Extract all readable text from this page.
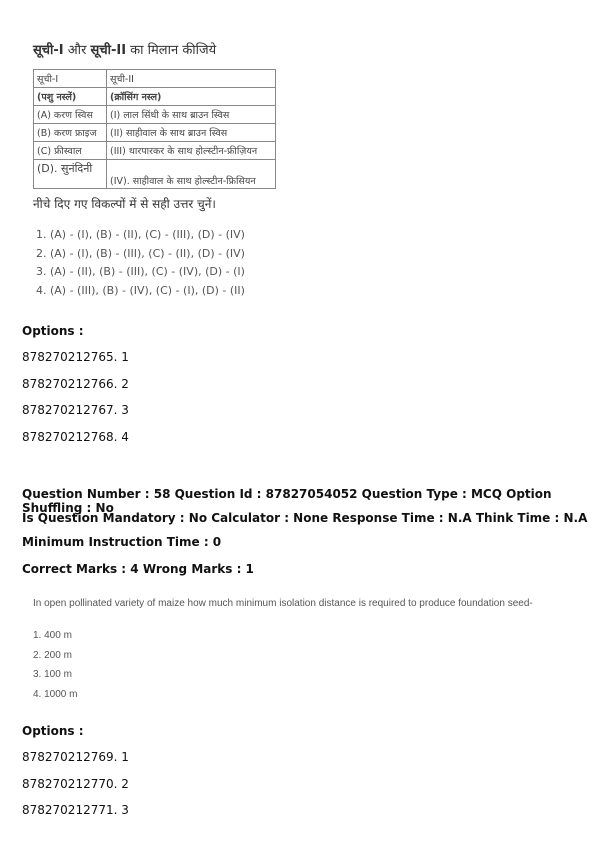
सूची-I और सूची-II का मिलान कीजिये
सूची-I	सूची-II
(पशु नस्लें)	(क्रॉसिंग नस्ल)
(A) करण स्विस	(I) लाल सिंधी के साथ ब्राउन स्विस
(B) करण फ्राइज	(II) साहीवाल के साथ ब्राउन स्विस
(C) फ्रीस्वाल	(III) थारपारकर के साथ होल्स्टीन-फ्रीज़ियन
(D). सुनंदिनी	(IV). साहीवाल के साथ होल्स्टीन-फ्रिसियन
नीचे दिए गए विकल्पों में से सही उत्तर चुनें।
1. (A) - (I), (B) - (II), (C) - (III), (D) - (IV)
2. (A) - (I), (B) - (III), (C) - (II), (D) - (IV)
3. (A) - (II), (B) - (III), (C) - (IV), (D) - (I)
4. (A) - (III), (B) - (IV), (C) - (I), (D) - (II)
Options :
878270212765. 1
878270212766. 2
878270212767. 3
878270212768. 4
Question Number : 58 Question Id : 87827054052 Question Type : MCQ Option Shuffling : No
Is Question Mandatory : No Calculator : None Response Time : N.A Think Time : N.A
Minimum Instruction Time : 0
Correct Marks : 4 Wrong Marks : 1
In open pollinated variety of maize how much minimum isolation distance is required to produce foundation seed-
1. 400 m
2. 200 m
3. 100 m
4. 1000 m
Options :
878270212769. 1
878270212770. 2
878270212771. 3
